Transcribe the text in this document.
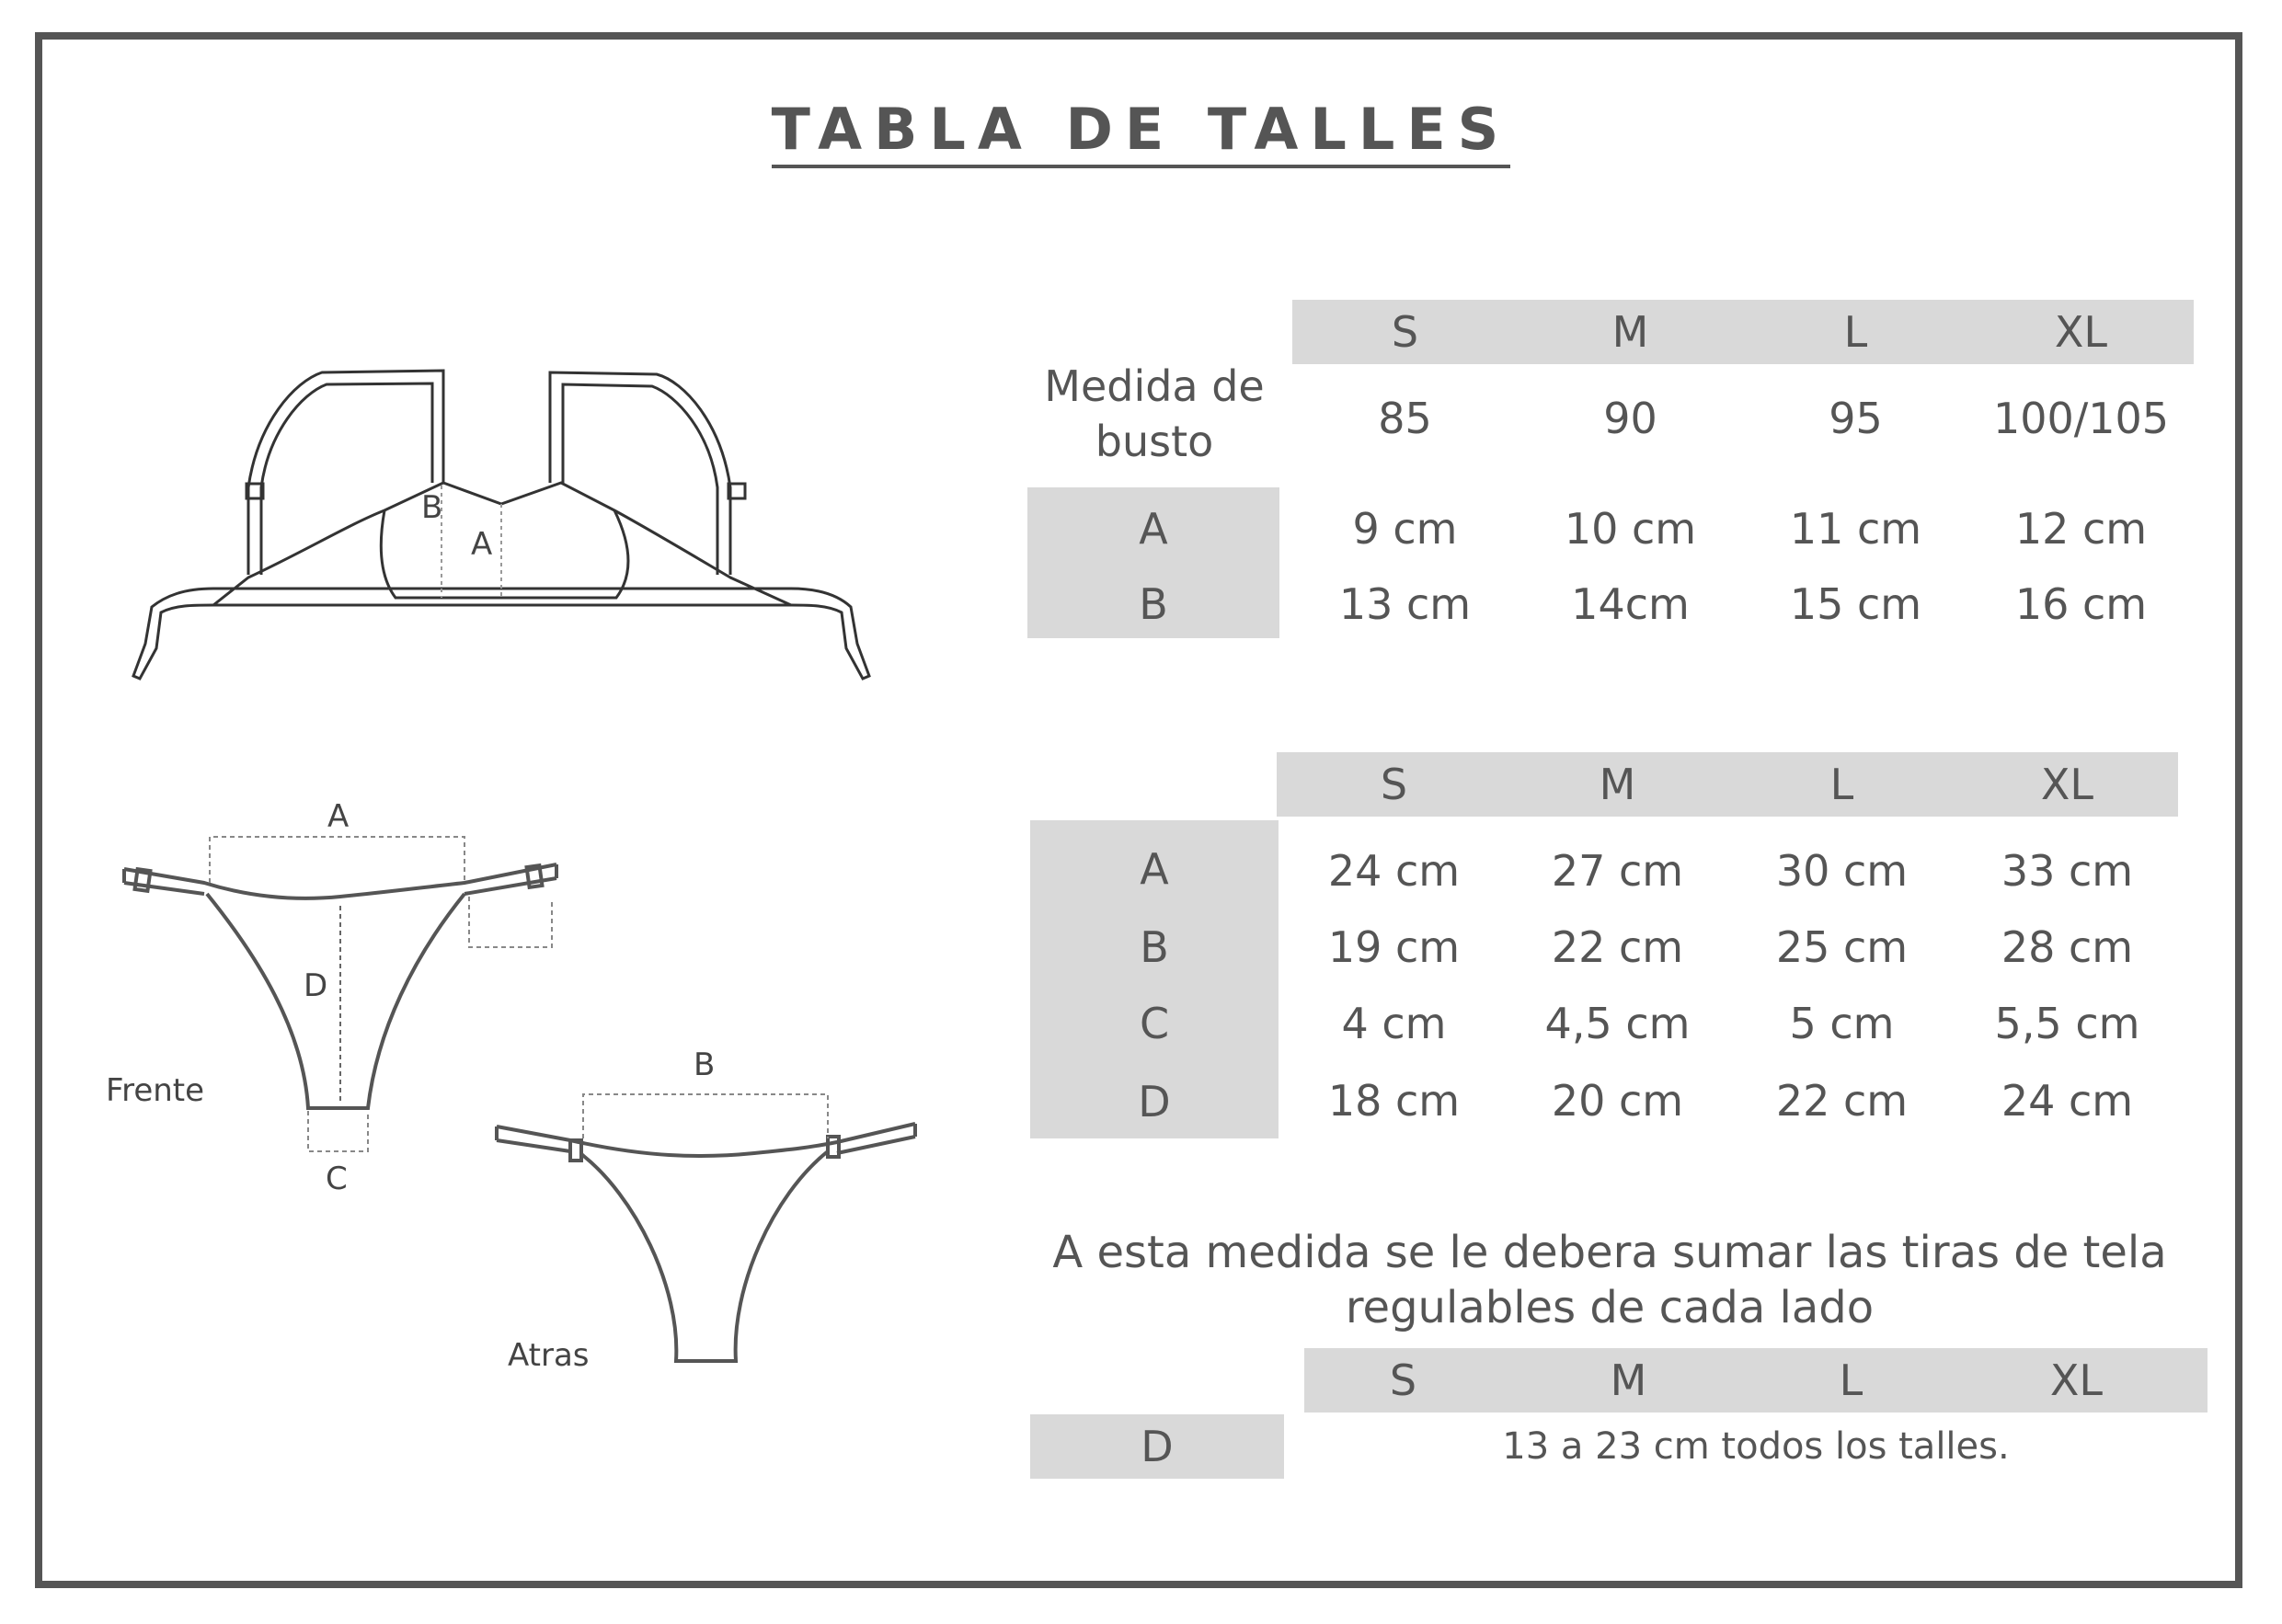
TABLA DE TALLES
B
A
A
D
C
Frente
B
Atras
S	M	L	XL
Medida de busto	85	90	95	100/105
A	9 cm	10 cm	11 cm	12 cm
B	13 cm	14cm	15 cm	16 cm
S	M	L	XL
A	24 cm	27 cm	30 cm	33 cm
B	19 cm	22 cm	25 cm	28 cm
C	4 cm	4,5 cm	5 cm	5,5 cm
D	18 cm	20 cm	22 cm	24 cm
A esta medida se le debera sumar las tiras de tela
regulables de cada lado
S	M	L	XL
D	13 a 23 cm todos los talles.
